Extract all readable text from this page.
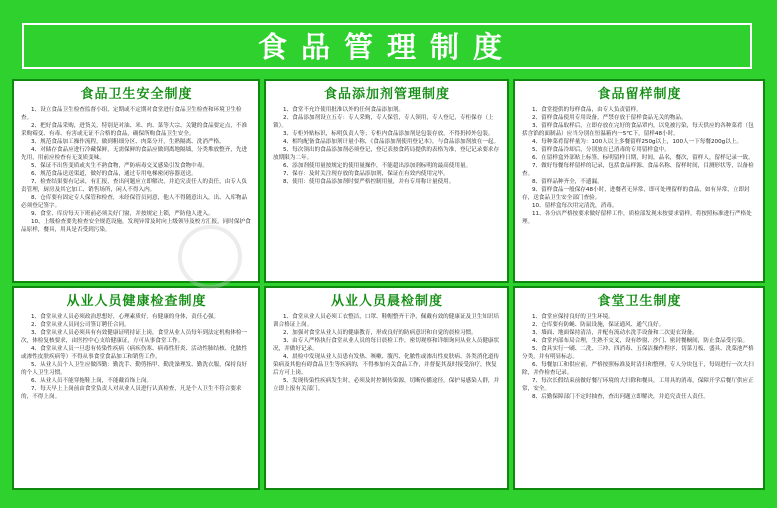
食品管理制度
食品卫生安全制度
1、设立食品卫生检查监督小组，定期或不定期对食堂进行食品卫生检查和环境卫生检查。
2、把好食品采购，进货关，特别是对油、米、肉、菜等大宗、关键的食品要定点，不准采购霉变、有毒、有害或无证不合格的食品，确保所购食品卫生安全。
3、规范食品加工操作流程，做到粗细分区、肉菜分开，生熟隔离、洗消严格。
4、对储存食品应进行冷藏保鲜，无需保鲜的食品应做到离地隔墙，分类堆放整齐，先进先用，用前应检查有无变质变味。
5、保证不出售变质或夹生不熟食物，严防病毒交叉感染引发食物中毒。
6、规范食品送送渠道，做好的食品，通过专用电梯密闭容器送送。
7、检查结果要有记录，有汇报，查出问题应立即解决，并追究责任人的责任，由专人负责管理，厨房及其它加工、销售场所，闲人不得入内。
8、仓库要有固定专人保管和检查，未经保管员同意，他人不得随意出入，出、入库物品必须登记签字。
9、食堂、库房每天下班前必须关好门窗，并按规定上锁，严防他人进入。
10、上级检查要先检查安全规范设施，发现异常及时向上级领导及校方汇报，同时保护食品原样，餐具，用具是否受到污染。
食品添加剂管理制度
1、食堂不允许使用批准以外的任何食品添加剂。
2、食品添加剂设立五专：专人采购，专人保管，专人领用，专人登记，专柜保存（上锁）。
3、专柜外贴标识，标明负责人等；专柜内食品添加剂是包装存放，不得扔掉外包装。
4、相均配备食品添加剂计量小称，《食品添加剂使用登记本》，与食品添加剂放在一起。
5、每次领出的食品添加剂必须登记，登记表按食药局提供的表格为准，登记记录要求存放期限为二年。
6、添加剂使用量按规定的使用量操作，不能超出添加剂标明的最高使用量。
7、保存：及时关注现存放的食品添加剂，保证在有效内使用完毕。
8、使用：使用食品添加剂时要严格控制用量，并有专用称计量使用。
食品留样制度
1、食堂提供的每样食品，由专人负责留样。
2、留样食品使用专用设备，严禁存放于留样食品无关的物品。
3、留样食品取样后，立即存放在完好的食品罩内，以免被污染，每天供应的各种菜肴（包括含馅的面制品）应当分别在恒温箱内一5℃下，留样48小时。
4、每种菜肴留样量为：100人以上多餐留样250g以上，100人一下每餐200g以上。
5、留样食品冷却后，分别放在已消毒的专用留样盒中。
6、在留样盒外部贴上标签，标明留样日期，时间，品名，餐次，留样人，留样记录一致。
7、做好每餐每样留样的记录，包括食品样源、食品名称、留样时间，目测形状等，以备检查。
8、留样品种齐全，不遗漏。
9、留样食品一般保存48小时，进餐者无异常，即可处理留样的食品，如有异常，立即封存，送食品卫生安全部门查验。
10、留样盒每次用完清洗，消毒。
11、各分店严格按要求做好留样工作，质检部发现未按要求留样，将按照标准进行严格处理。
从业人员健康检查制度
1、食堂从业人员必须政治思想好，心理素质好，有健康的身体，责任心强。
2、食堂从业人员同公司签订聘任合同。
3、食堂从业人员必须具有有效健康证明持证上岗，食堂从业人员每年到法定机构体检一次，体检复核要求，由医控中心支给健康证，方可从事食堂工作。
4、食堂从业人员一旦患有传染性疾病（病疾伤寒、病毒性肝炎、活动性肺结核、化脓性或渗性皮肤疾病等）不得从事食堂食品加工和销售工作。
5、从业人员个人卫生应做四勤：勤洗手、勤剪指甲、勤洗澡理发、勤洗衣服，保持良好的个人卫生习惯。
6、从业人员不能穿拖鞋上岗，不能戴首饰上岗。
7、每天早上上岗前由食堂负责人对从业人员进行认真检查，凡是个人卫生不符合要求的，不得上岗。
从业人员晨检制度
1、食堂从业人员必须工衣整洁，口罩、鞋帽整齐干净，佩戴有效的健康证及卫生知识培训合格证上岗。
2、加强对食堂从业人员的健康教育，形成良好的防病意识和自觉的晨检习惯。
3、由专人严格执行食堂从业人员的每日晨检工作，密切观察和详细询问从业人员健康状况，并做好记录。
4、晨检中发现从业人员患有发热、咳嗽、腹泻、化脓性或渗出性皮肤病、各类消化道传染病及其他有碍食品卫生等疾病的，不得参加有关食品工作，并督促其及时接受治疗，恢复后方可上岗。
5、发现传染性疾病发生时，必须及时控制传染源，切断传播途径，保护易感染人群，并立即上报有关部门。
食堂卫生制度
1、食堂应保持良好的卫生环境。
2、仓库要有防蝇、防鼠设施，保证通风、通气良好。
3、墙面、地面保持清洁，并配有流动水洗手设备和二次更衣设备。
4、食堂内部布局合理，生熟不交叉，设有纱窗、沙门、密封餐橱间，防止食品受污染。
5、食具实行一刷、二洗、三冲、四消毒、五保洁操作程序，切菜刀板、盛具、洗菜池严格分类，并有明显标志。
6、每餐加工和供应前，严格按照标准及时清扫和整理，专人分块包干，每周进行一次大扫除，并作检查记录。
7、每次长假结束前做好餐厅环境的大扫除和餐具，工用具的消毒，保障开学后餐厅供应正常，安全。
8、后勤保障部门不定时抽查，查出问题立即解决，并追究责任人责任。
